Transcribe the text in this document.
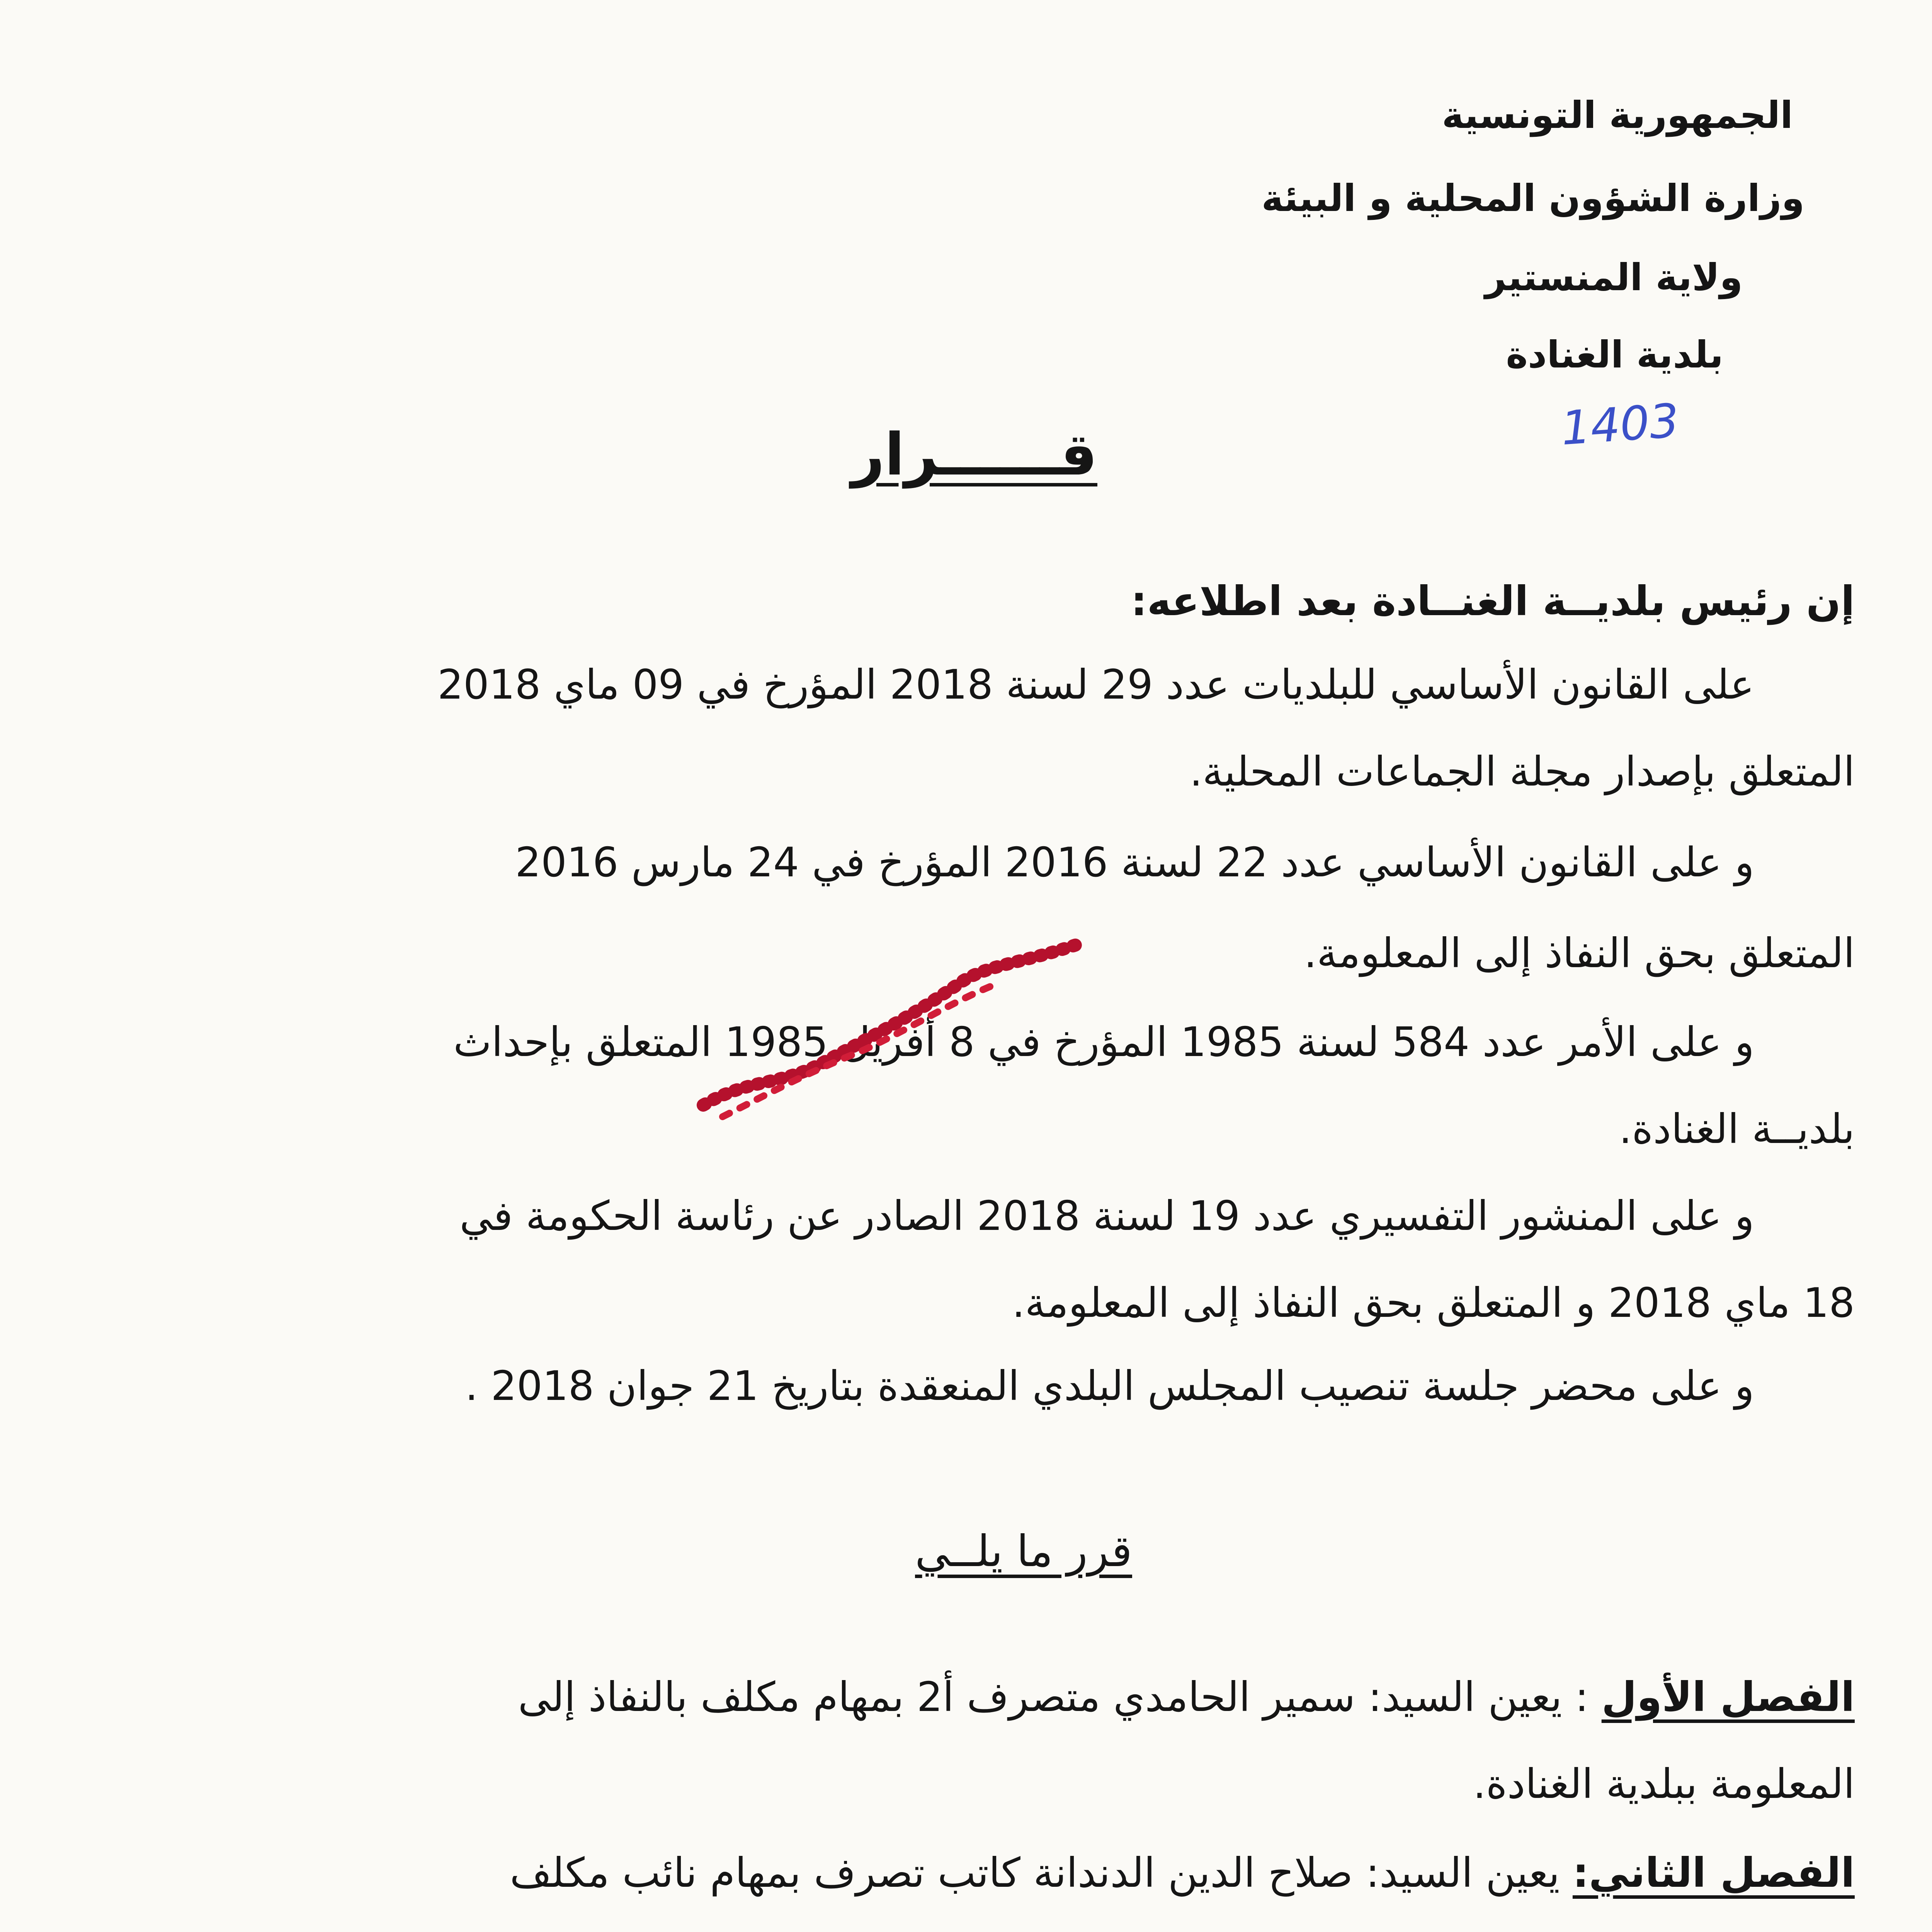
الجمهورية التونسية
وزارة الشؤون المحلية و البيئة
ولاية المنستير
بلدية الغنادة
1403
قــــــرار
إن رئيس بلديــة الغنــادة بعد اطلاعه:
على القانون الأساسي للبلديات عدد 29 لسنة 2018 المؤرخ في 09 ماي 2018
المتعلق بإصدار مجلة الجماعات المحلية.
و على القانون الأساسي عدد 22 لسنة 2016 المؤرخ في 24 مارس 2016
المتعلق بحق النفاذ إلى المعلومة.
و على الأمر عدد 584 لسنة 1985 المؤرخ في 8 أفريل 1985 المتعلق بإحداث
بلديــة الغنادة.
و على المنشور التفسيري عدد 19 لسنة 2018 الصادر عن رئاسة الحكومة في
18 ماي 2018 و المتعلق بحق النفاذ إلى المعلومة.
و على محضر جلسة تنصيب المجلس البلدي المنعقدة بتاريخ 21 جوان 2018 .
قرر ما يلــي
الفصل الأول : يعين السيد: سمير الحامدي متصرف أ2 بمهام مكلف بالنفاذ إلى
المعلومة ببلدية الغنادة.
الفصل الثاني: يعين السيد: صلاح الدين الدندانة كاتب تصرف بمهام نائب مكلف
